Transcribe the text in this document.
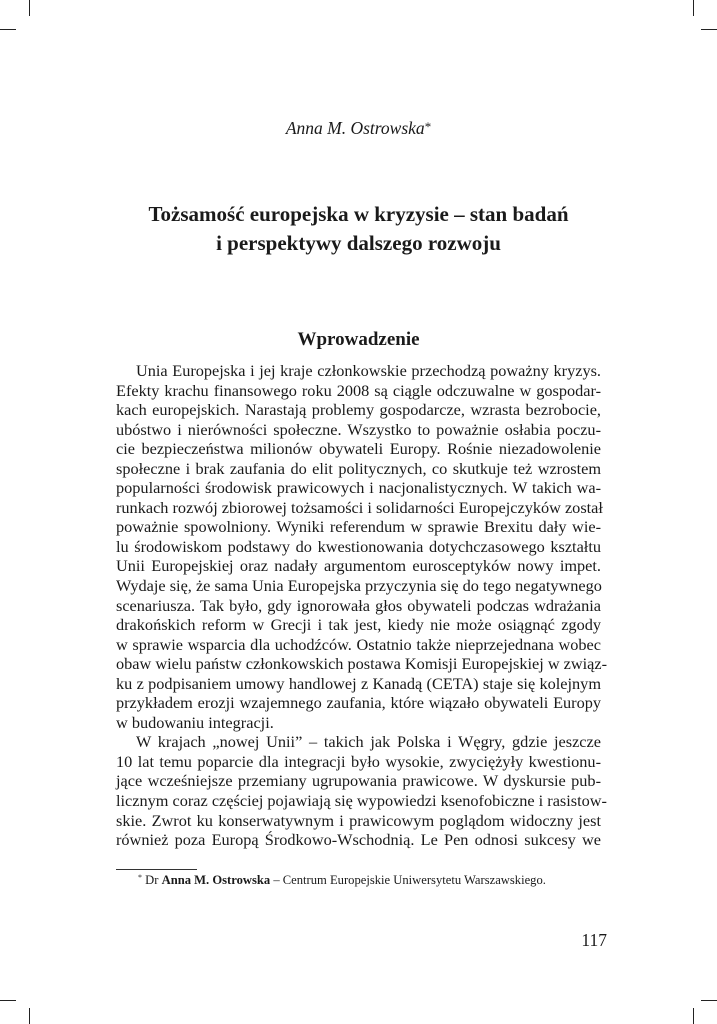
Anna M. Ostrowska*
Tożsamość europejska w kryzysie – stan badań
i perspektywy dalszego rozwoju
Wprowadzenie
Unia Europejska i jej kraje członkowskie przechodzą poważny kryzys.
Efekty krachu finansowego roku 2008 są ciągle odczuwalne w gospodar-
kach europejskich. Narastają problemy gospodarcze, wzrasta bezrobocie,
ubóstwo i nierówności społeczne. Wszystko to poważnie osłabia poczu-
cie bezpieczeństwa milionów obywateli Europy. Rośnie niezadowolenie
społeczne i brak zaufania do elit politycznych, co skutkuje też wzrostem
popularności środowisk prawicowych i nacjonalistycznych. W takich wa-
runkach rozwój zbiorowej tożsamości i solidarności Europejczyków został
poważnie spowolniony. Wyniki referendum w sprawie Brexitu dały wie-
lu środowiskom podstawy do kwestionowania dotychczasowego kształtu
Unii Europejskiej oraz nadały argumentom eurosceptyków nowy impet.
Wydaje się, że sama Unia Europejska przyczynia się do tego negatywnego
scenariusza. Tak było, gdy ignorowała głos obywateli podczas wdrażania
drakońskich reform w Grecji i tak jest, kiedy nie może osiągnąć zgody
w sprawie wsparcia dla uchodźców. Ostatnio także nieprzejednana wobec
obaw wielu państw członkowskich postawa Komisji Europejskiej w związ-
ku z podpisaniem umowy handlowej z Kanadą (CETA) staje się kolejnym
przykładem erozji wzajemnego zaufania, które wiązało obywateli Europy
w budowaniu integracji.
W krajach „nowej Unii” – takich jak Polska i Węgry, gdzie jeszcze
10 lat temu poparcie dla integracji było wysokie, zwyciężyły kwestionu-
jące wcześniejsze przemiany ugrupowania prawicowe. W dyskursie pub-
licznym coraz częściej pojawiają się wypowiedzi ksenofobiczne i rasistow-
skie. Zwrot ku konserwatywnym i prawicowym poglądom widoczny jest
również poza Europą Środkowo-Wschodnią. Le Pen odnosi sukcesy we
* Dr Anna M. Ostrowska – Centrum Europejskie Uniwersytetu Warszawskiego.
117
